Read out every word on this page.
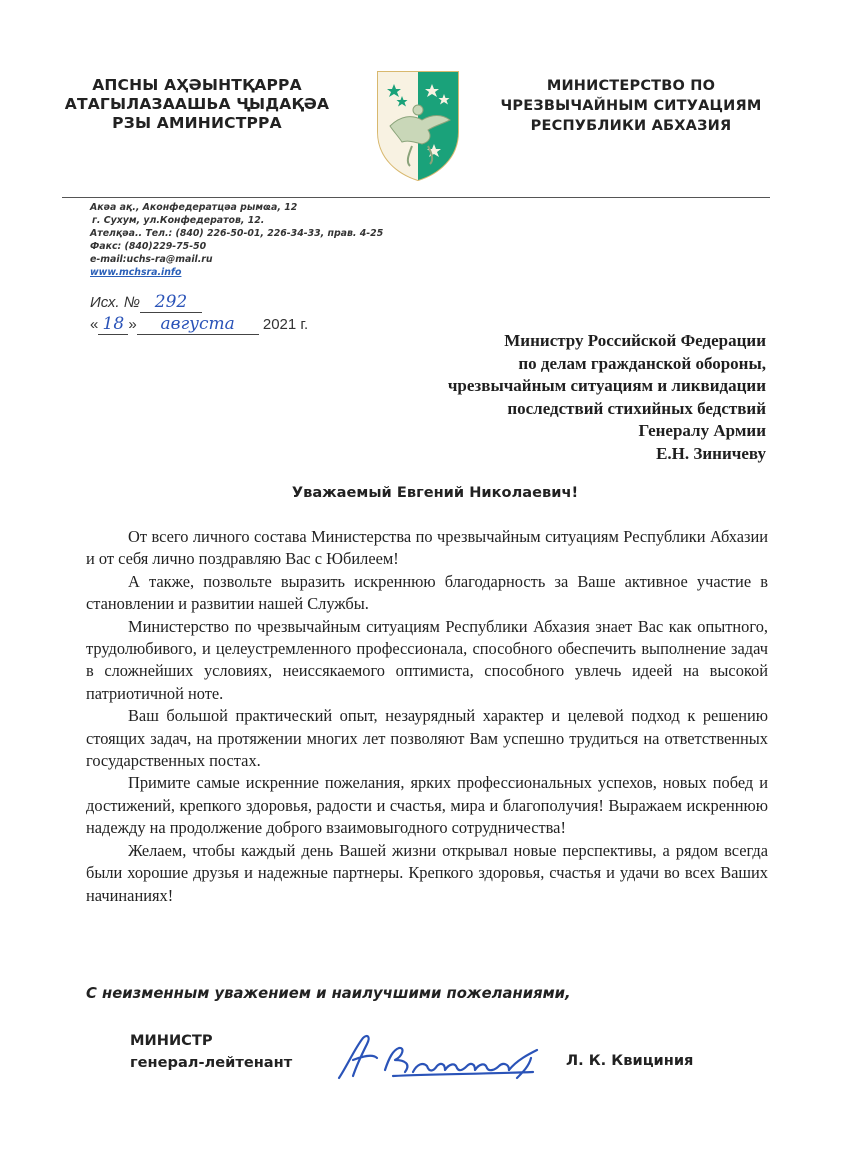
АПСНЫ АҲӘЫНТҚАРРА
АТАГЫЛАЗААШЬА ҶЫДАҚӘА
РЗЫ АМИНИСТРРА
МИНИСТЕРСТВО ПО
ЧРЕЗВЫЧАЙНЫМ СИТУАЦИЯМ
РЕСПУБЛИКИ АБХАЗИЯ
Акәа ақ., Аконфедератцәа рымҩа, 12
г. Сухум, ул.Конфедератов, 12.
Ателқәа.. Тел.: (840) 226-50-01, 226-34-33, прав. 4-25
Факс: (840)229-75-50
e-mail:uchs-ra@mail.ru
www.mchsra.info
Исх. № 292
« 18 » августа 2021 г.
Министру Российской Федерации
по делам гражданской обороны,
чрезвычайным ситуациям и ликвидации
последствий стихийных бедствий
Генералу Армии
Е.Н. Зиничеву
Уважаемый Евгений Николаевич!

От всего личного состава Министерства по чрезвычайным ситуациям Республики Абхазии и от себя лично поздравляю Вас с Юбилеем!

А также, позвольте выразить искреннюю благодарность за Ваше активное участие в становлении и развитии нашей Службы.

Министерство по чрезвычайным ситуациям Республики Абхазия знает Вас как опытного, трудолюбивого, и целеустремленного профессионала, способного обеспечить выполнение задач в сложнейших условиях, неиссякаемого оптимиста, способного увлечь идеей на высокой патриотичной ноте.

Ваш большой практический опыт, незаурядный характер и целевой подход к решению стоящих задач, на протяжении многих лет позволяют Вам успешно трудиться на ответственных государственных постах.

Примите самые искренние пожелания, ярких профессиональных успехов, новых побед и достижений, крепкого здоровья, радости и счастья, мира и благополучия! Выражаем искреннюю надежду на продолжение доброго взаимовыгодного сотрудничества!

Желаем, чтобы каждый день Вашей жизни открывал новые перспективы, а рядом всегда были хорошие друзья и надежные партнеры. Крепкого здоровья, счастья и удачи во всех Ваших начинаниях!

С неизменным уважением и наилучшими пожеланиями,
МИНИСТР
генерал-лейтенант	Л. К. Квициния
